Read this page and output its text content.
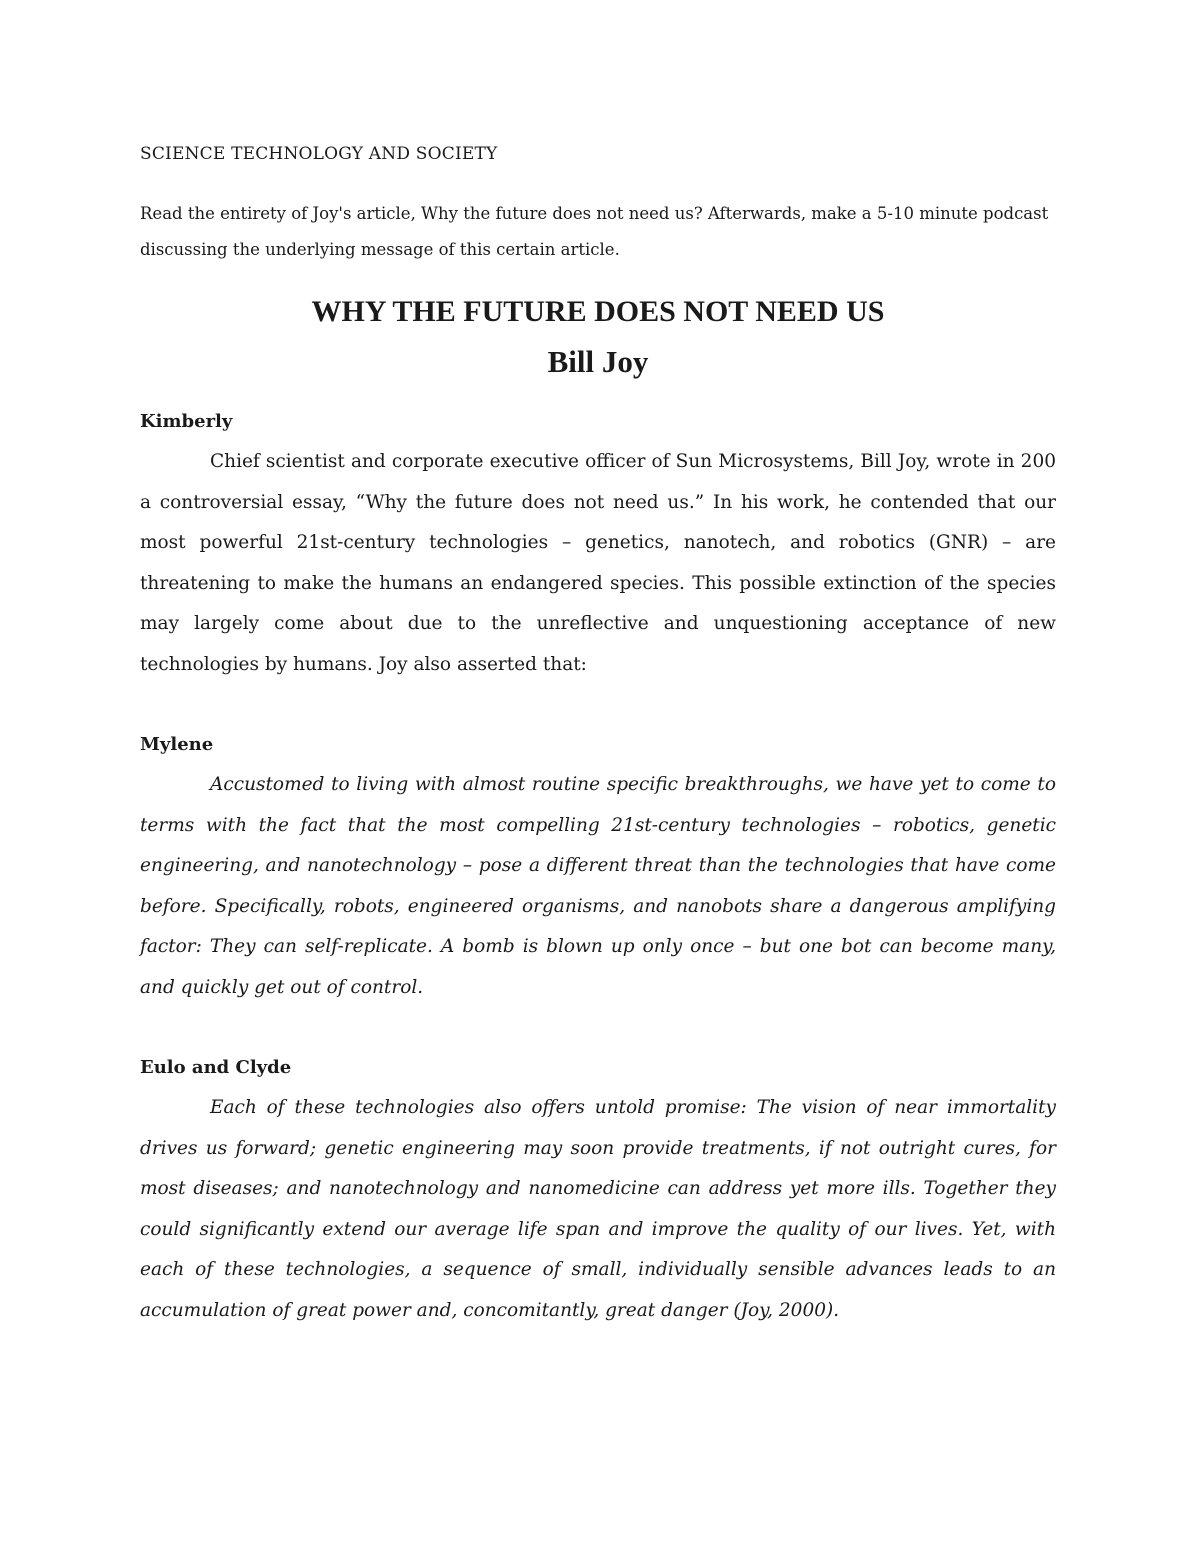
SCIENCE TECHNOLOGY AND SOCIETY

Read the entirety of Joy's article, Why the future does not need us? Afterwards, make a 5-10 minute podcast discussing the underlying message of this certain article.

WHY THE FUTURE DOES NOT NEED US
Bill Joy

Kimberly

Chief scientist and corporate executive officer of Sun Microsystems, Bill Joy, wrote in 200 a controversial essay, “Why the future does not need us.” In his work, he contended that our most powerful 21st-century technologies – genetics, nanotech, and robotics (GNR) – are threatening to make the humans an endangered species. This possible extinction of the species may largely come about due to the unreflective and unquestioning acceptance of new technologies by humans. Joy also asserted that:

Mylene

Accustomed to living with almost routine specific breakthroughs, we have yet to come to terms with the fact that the most compelling 21st-century technologies – robotics, genetic engineering, and nanotechnology – pose a different threat than the technologies that have come before. Specifically, robots, engineered organisms, and nanobots share a dangerous amplifying factor: They can self-replicate. A bomb is blown up only once – but one bot can become many, and quickly get out of control.

Eulo and Clyde

Each of these technologies also offers untold promise: The vision of near immortality drives us forward; genetic engineering may soon provide treatments, if not outright cures, for most diseases; and nanotechnology and nanomedicine can address yet more ills. Together they could significantly extend our average life span and improve the quality of our lives. Yet, with each of these technologies, a sequence of small, individually sensible advances leads to an accumulation of great power and, concomitantly, great danger (Joy, 2000).
